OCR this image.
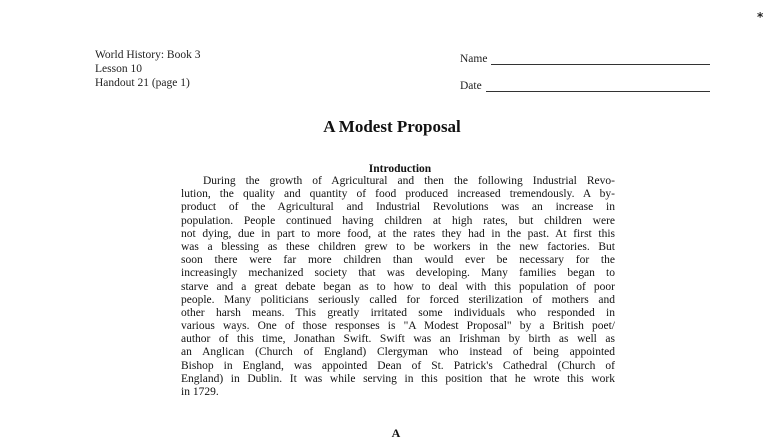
*
World History: Book 3
Lesson 10
Handout 21 (page 1)
Name
Date
A Modest Proposal
Introduction
During the growth of Agricultural and then the following Industrial Revo-
lution, the quality and quantity of food produced increased tremendously. A by-
product of the Agricultural and Industrial Revolutions was an increase in
population. People continued having children at high rates, but children were
not dying, due in part to more food, at the rates they had in the past. At first this
was a blessing as these children grew to be workers in the new factories. But
soon there were far more children than would ever be necessary for the
increasingly mechanized society that was developing. Many families began to
starve and a great debate began as to how to deal with this population of poor
people. Many politicians seriously called for forced sterilization of mothers and
other harsh means. This greatly irritated some individuals who responded in
various ways. One of those responses is "A Modest Proposal" by a British poet/
author of this time, Jonathan Swift. Swift was an Irishman by birth as well as
an Anglican (Church of England) Clergyman who instead of being appointed
Bishop in England, was appointed Dean of St. Patrick's Cathedral (Church of
England) in Dublin. It was while serving in this position that he wrote this work
in 1729.
A
